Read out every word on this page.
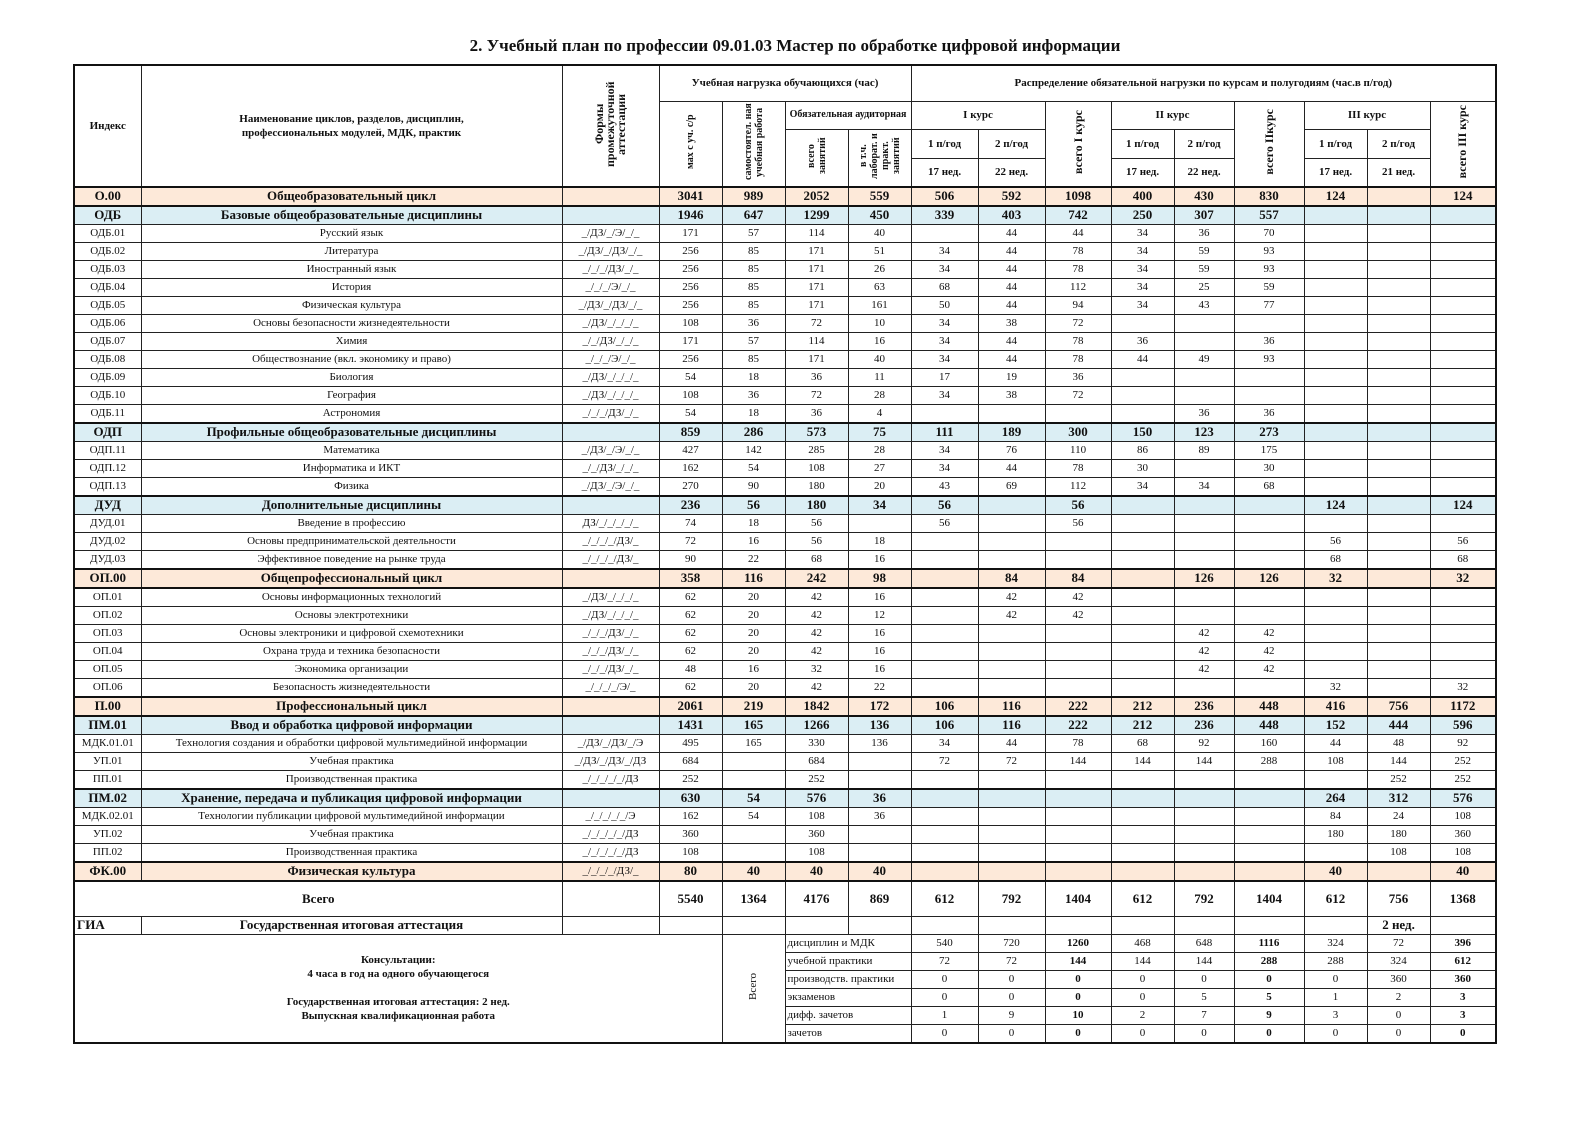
2. Учебный план по профессии 09.01.03 Мастер по обработке цифровой информации
Индекс	Наименование циклов, разделов, дисциплин, профессиональных модулей, МДК, практик	Формы промежуточной аттестации	Учебная нагрузка обучающихся (час)				Распределение обязательной нагрузки по курсам и полугодиям (час.в п/год)								
			мах с уч. с/р	самостоятел. ная учебная работа	Обязательная аудиторная		I курс		всего I курс	II курс		всего IIкурс	III курс		всего III курс
					всего занятий	в т.ч. лаборат. и практ. занятий	1 п/год	2 п/год		1 п/год	2 п/год		1 п/год	2 п/год	
							17 нед.	22 нед.		17 нед.	22 нед.		17 нед.	21 нед.	
О.00	Общеобразовательный цикл		3041	989	2052	559	506	592	1098	400	430	830	124		124
ОДБ	Базовые общеобразовательные дисциплины		1946	647	1299	450	339	403	742	250	307	557			
ОДБ.01	Русский язык	_/ДЗ/_/Э/_/_	171	57	114	40		44	44	34	36	70			
ОДБ.02	Литература	_/ДЗ/_/ДЗ/_/_	256	85	171	51	34	44	78	34	59	93			
ОДБ.03	Иностранный язык	_/_/_/ДЗ/_/_	256	85	171	26	34	44	78	34	59	93			
ОДБ.04	История	_/_/_/Э/_/_	256	85	171	63	68	44	112	34	25	59			
ОДБ.05	Физическая культура	_/ДЗ/_/ДЗ/_/_	256	85	171	161	50	44	94	34	43	77			
ОДБ.06	Основы безопасности жизнедеятельности	_/ДЗ/_/_/_/_	108	36	72	10	34	38	72						
ОДБ.07	Химия	_/_/ДЗ/_/_/_	171	57	114	16	34	44	78	36		36			
ОДБ.08	Обществознание (вкл. экономику и право)	_/_/_/Э/_/_	256	85	171	40	34	44	78	44	49	93			
ОДБ.09	Биология	_/ДЗ/_/_/_/_	54	18	36	11	17	19	36						
ОДБ.10	География	_/ДЗ/_/_/_/_	108	36	72	28	34	38	72						
ОДБ.11	Астрономия	_/_/_/ДЗ/_/_	54	18	36	4					36	36			
ОДП	Профильные общеобразовательные дисциплины		859	286	573	75	111	189	300	150	123	273			
ОДП.11	Математика	_/ДЗ/_/Э/_/_	427	142	285	28	34	76	110	86	89	175			
ОДП.12	Информатика и ИКТ	_/_/ДЗ/_/_/_	162	54	108	27	34	44	78	30		30			
ОДП.13	Физика	_/ДЗ/_/Э/_/_	270	90	180	20	43	69	112	34	34	68			
ДУД	Дополнительные дисциплины		236	56	180	34	56		56				124		124
ДУД.01	Введение в профессию	ДЗ/_/_/_/_/_	74	18	56		56		56						
ДУД.02	Основы предпринимательской деятельности	_/_/_/_/ДЗ/_	72	16	56	18							56		56
ДУД.03	Эффективное поведение на рынке труда	_/_/_/_/ДЗ/_	90	22	68	16							68		68
ОП.00	Общепрофессиональный цикл		358	116	242	98		84	84		126	126	32		32
ОП.01	Основы информационных технологий	_/ДЗ/_/_/_/_	62	20	42	16		42	42						
ОП.02	Основы электротехники	_/ДЗ/_/_/_/_	62	20	42	12		42	42						
ОП.03	Основы электроники и цифровой схемотехники	_/_/_/ДЗ/_/_	62	20	42	16					42	42			
ОП.04	Охрана труда и техника безопасности	_/_/_/ДЗ/_/_	62	20	42	16					42	42			
ОП.05	Экономика организации	_/_/_/ДЗ/_/_	48	16	32	16					42	42			
ОП.06	Безопасность жизнедеятельности	_/_/_/_/Э/_	62	20	42	22							32		32
П.00	Профессиональный цикл		2061	219	1842	172	106	116	222	212	236	448	416	756	1172
ПМ.01	Ввод и обработка цифровой информации		1431	165	1266	136	106	116	222	212	236	448	152	444	596
МДК.01.01	Технология создания и обработки цифровой мультимедийной информации	_/ДЗ/_/ДЗ/_/Э	495	165	330	136	34	44	78	68	92	160	44	48	92
УП.01	Учебная практика	_/ДЗ/_/ДЗ/_/ДЗ	684		684		72	72	144	144	144	288	108	144	252
ПП.01	Производственная практика	_/_/_/_/_/ДЗ	252		252									252	252
ПМ.02	Хранение, передача и публикация цифровой информации		630	54	576	36							264	312	576
МДК.02.01	Технологии публикации цифровой мультимедийной информации	_/_/_/_/_/Э	162	54	108	36							84	24	108
УП.02	Учебная практика	_/_/_/_/_/ДЗ	360		360								180	180	360
ПП.02	Производственная практика	_/_/_/_/_/ДЗ	108		108									108	108
ФК.00	Физическая культура	_/_/_/_/ДЗ/_	80	40	40	40							40		40
Всего			5540	1364	4176	869	612	792	1404	612	792	1404	612	756	1368
ГИА	Государственная итоговая аттестация													2 нед.	

Консультации:
4 часа в год на одного обучающегося
Государственная итоговая аттестация: 2 нед.
Выпускная квалификационная работа				Всего	дисциплин и МДК		540	720	1260	468	648	1116	324	72	396
					учебной практики		72	72	144	144	144	288	288	324	612
					производств. практики		0	0	0	0	0	0	0	360	360
					экзаменов		0	0	0	0	5	5	1	2	3
					дифф. зачетов		1	9	10	2	7	9	3	0	3
					зачетов		0	0	0	0	0	0	0	0	0
